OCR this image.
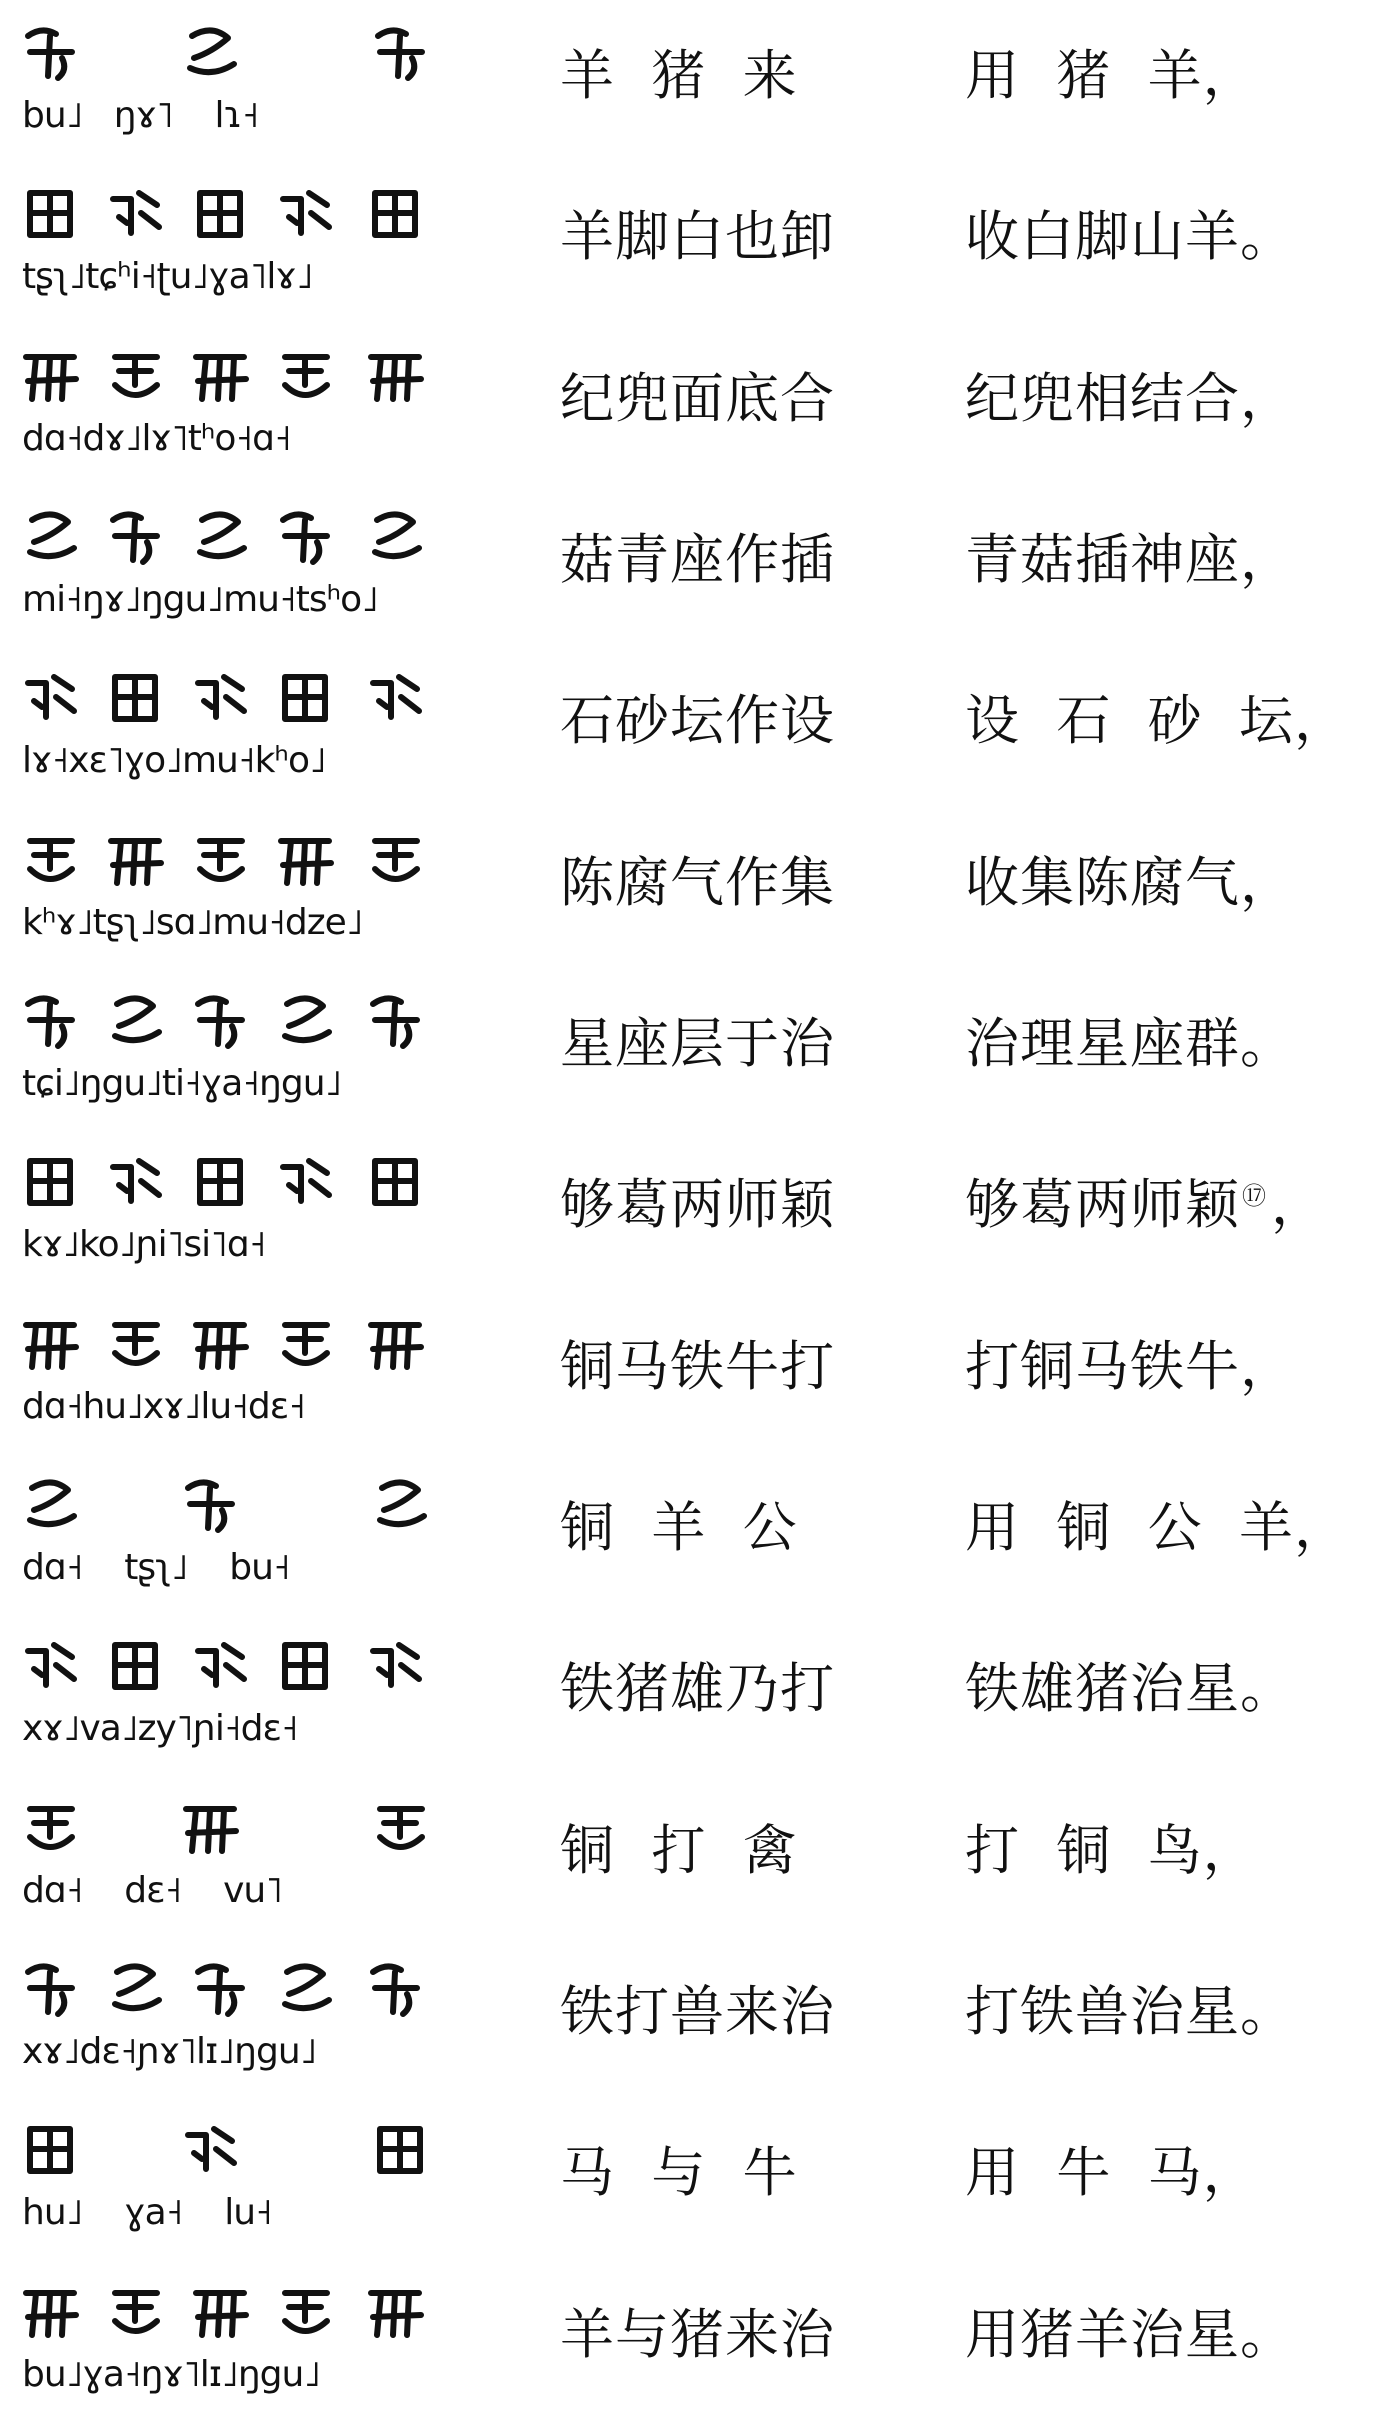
bu˩   ŋɤ˥    lɿ˧
羊  猪  来	用  猪  羊，
tʂʅ˩tɕʰi˧ʈu˩ɣa˥lɤ˩
羊脚白也卸	收白脚山羊。
dɑ˧dɤ˩lɤ˥tʰo˧ɑ˧
纪兜面底合	纪兜相结合，
mi˧ŋɤ˩ŋgu˩mu˧tsʰo˩
菇青座作插	青菇插神座，
lɤ˧xɛ˥ɣo˩mu˧kʰo˩
石砂坛作设	设  石  砂  坛，
kʰɤ˩tʂʅ˩sɑ˩mu˧dze˩
陈腐气作集	收集陈腐气，
tɕi˩ŋgu˩ti˧ɣa˧ŋgu˩
星座层于治	治理星座群。
kɤ˩ko˩ɲi˥si˥ɑ˧
够葛两师颖	够葛两师颖⑰，
dɑ˧hu˩xɤ˩lu˧dɛ˧
铜马铁牛打	打铜马铁牛，
dɑ˧    tʂʅ˩    bu˧
铜  羊  公	用  铜  公  羊，
xɤ˩va˩zy˥ɲi˧dɛ˧
铁猪雄乃打	铁雄猪治星。
dɑ˧    dɛ˧    vu˥
铜  打  禽	打  铜  鸟，
xɤ˩dɛ˧ɲɤ˥lɪ˩ŋgu˩
铁打兽来治	打铁兽治星。
hu˩    ɣa˧    lu˧
马  与  牛	用  牛  马，
bu˩ɣa˧ŋɤ˥lɪ˩ŋgu˩
羊与猪来治	用猪羊治星。
